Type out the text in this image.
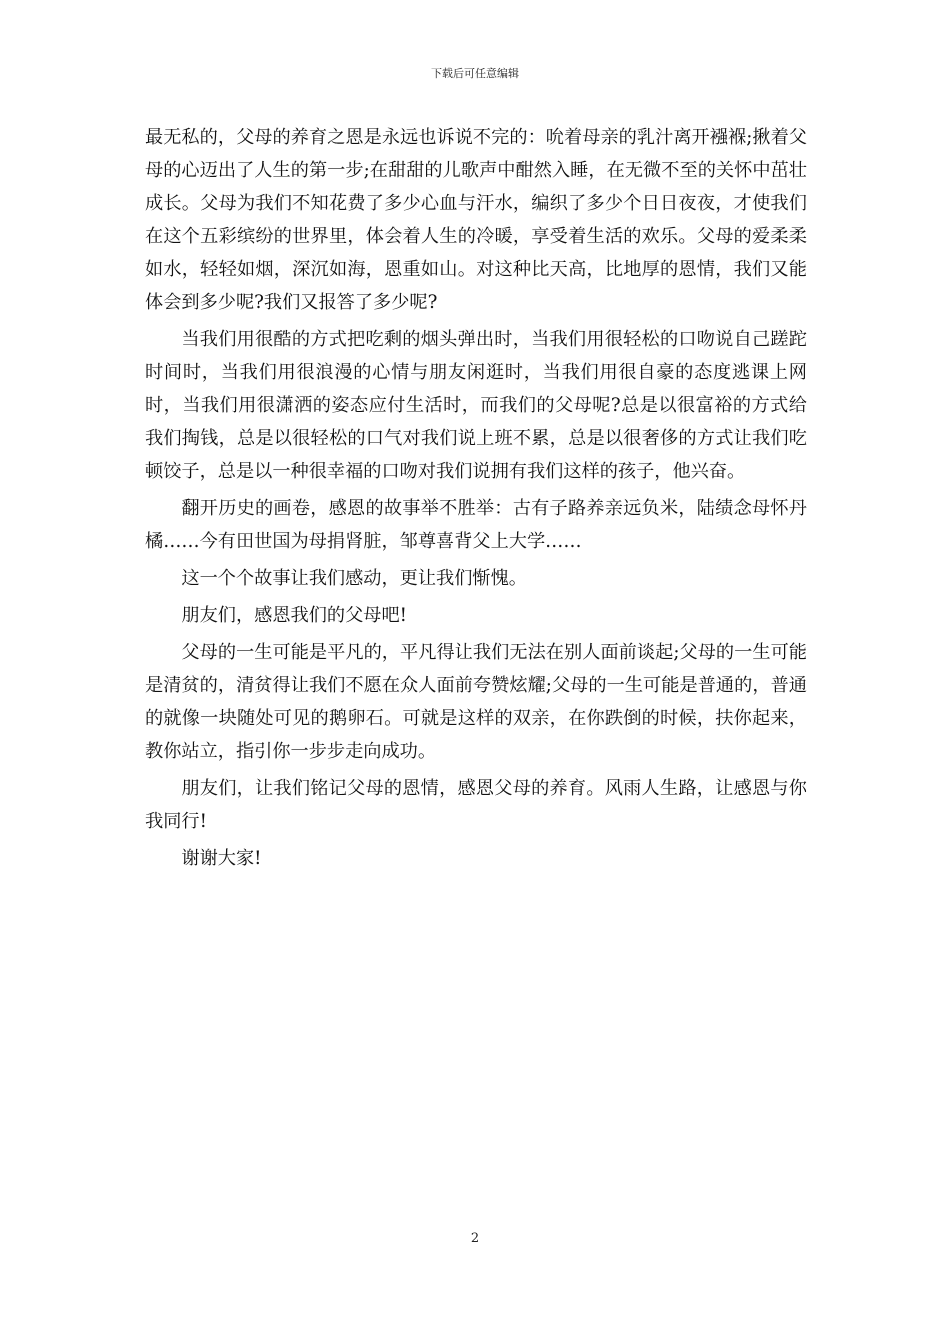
下载后可任意编辑

最无私的，父母的养育之恩是永远也诉说不完的：吮着母亲的乳汁离开襁褓;揪着父母的心迈出了人生的第一步;在甜甜的儿歌声中酣然入睡，在无微不至的关怀中茁壮成长。父母为我们不知花费了多少心血与汗水，编织了多少个日日夜夜，才使我们在这个五彩缤纷的世界里，体会着人生的冷暖，享受着生活的欢乐。父母的爱柔柔如水，轻轻如烟，深沉如海，恩重如山。对这种比天高，比地厚的恩情，我们又能体会到多少呢?我们又报答了多少呢?

当我们用很酷的方式把吃剩的烟头弹出时，当我们用很轻松的口吻说自己蹉跎时间时，当我们用很浪漫的心情与朋友闲逛时，当我们用很自豪的态度逃课上网时，当我们用很潇洒的姿态应付生活时，而我们的父母呢?总是以很富裕的方式给我们掏钱，总是以很轻松的口气对我们说上班不累，总是以很奢侈的方式让我们吃顿饺子，总是以一种很幸福的口吻对我们说拥有我们这样的孩子，他兴奋。

翻开历史的画卷，感恩的故事举不胜举：古有子路养亲远负米，陆绩念母怀丹橘……今有田世国为母捐肾脏，邹尊喜背父上大学……

这一个个故事让我们感动，更让我们惭愧。

朋友们，感恩我们的父母吧!

父母的一生可能是平凡的，平凡得让我们无法在别人面前谈起;父母的一生可能是清贫的，清贫得让我们不愿在众人面前夸赞炫耀;父母的一生可能是普通的，普通的就像一块随处可见的鹅卵石。可就是这样的双亲，在你跌倒的时候，扶你起来，教你站立，指引你一步步走向成功。

朋友们，让我们铭记父母的恩情，感恩父母的养育。风雨人生路，让感恩与你我同行!

谢谢大家!

2
